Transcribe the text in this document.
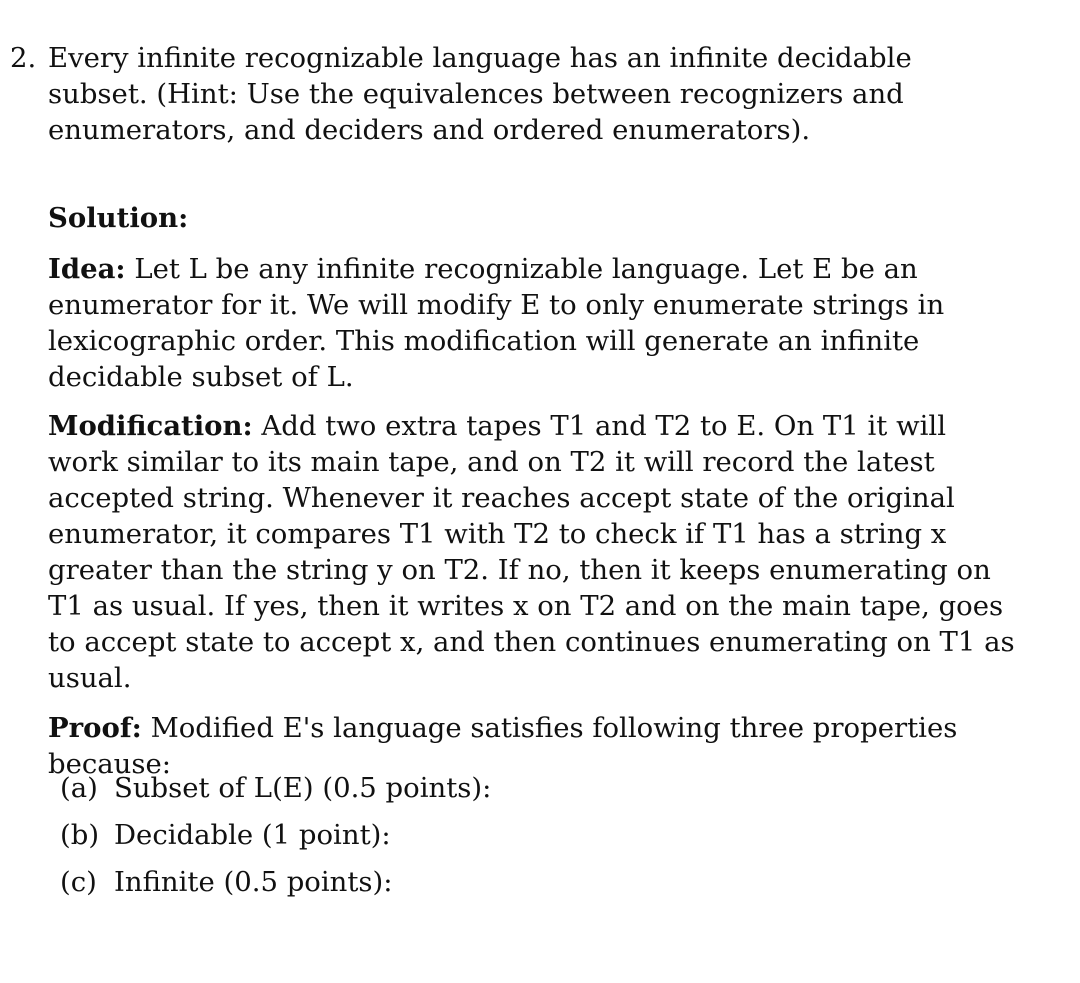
2. Every infinite recognizable language has an infinite decidable subset. (Hint: Use the equivalences between recognizers and enumerators, and deciders and ordered enumerators).
Solution:
Idea: Let L be any infinite recognizable language. Let E be an enumerator for it. We will modify E to only enumerate strings in lexicographic order. This modification will generate an infinite decidable subset of L.
Modification: Add two extra tapes T1 and T2 to E. On T1 it will work similar to its main tape, and on T2 it will record the latest accepted string. Whenever it reaches accept state of the original enumerator, it compares T1 with T2 to check if T1 has a string x greater than the string y on T2. If no, then it keeps enumerating on T1 as usual. If yes, then it writes x on T2 and on the main tape, goes to accept state to accept x, and then continues enumerating on T1 as usual.
Proof: Modified E's language satisfies following three properties because:
(a) Subset of L(E) (0.5 points):
(b) Decidable (1 point):
(c) Infinite (0.5 points):
